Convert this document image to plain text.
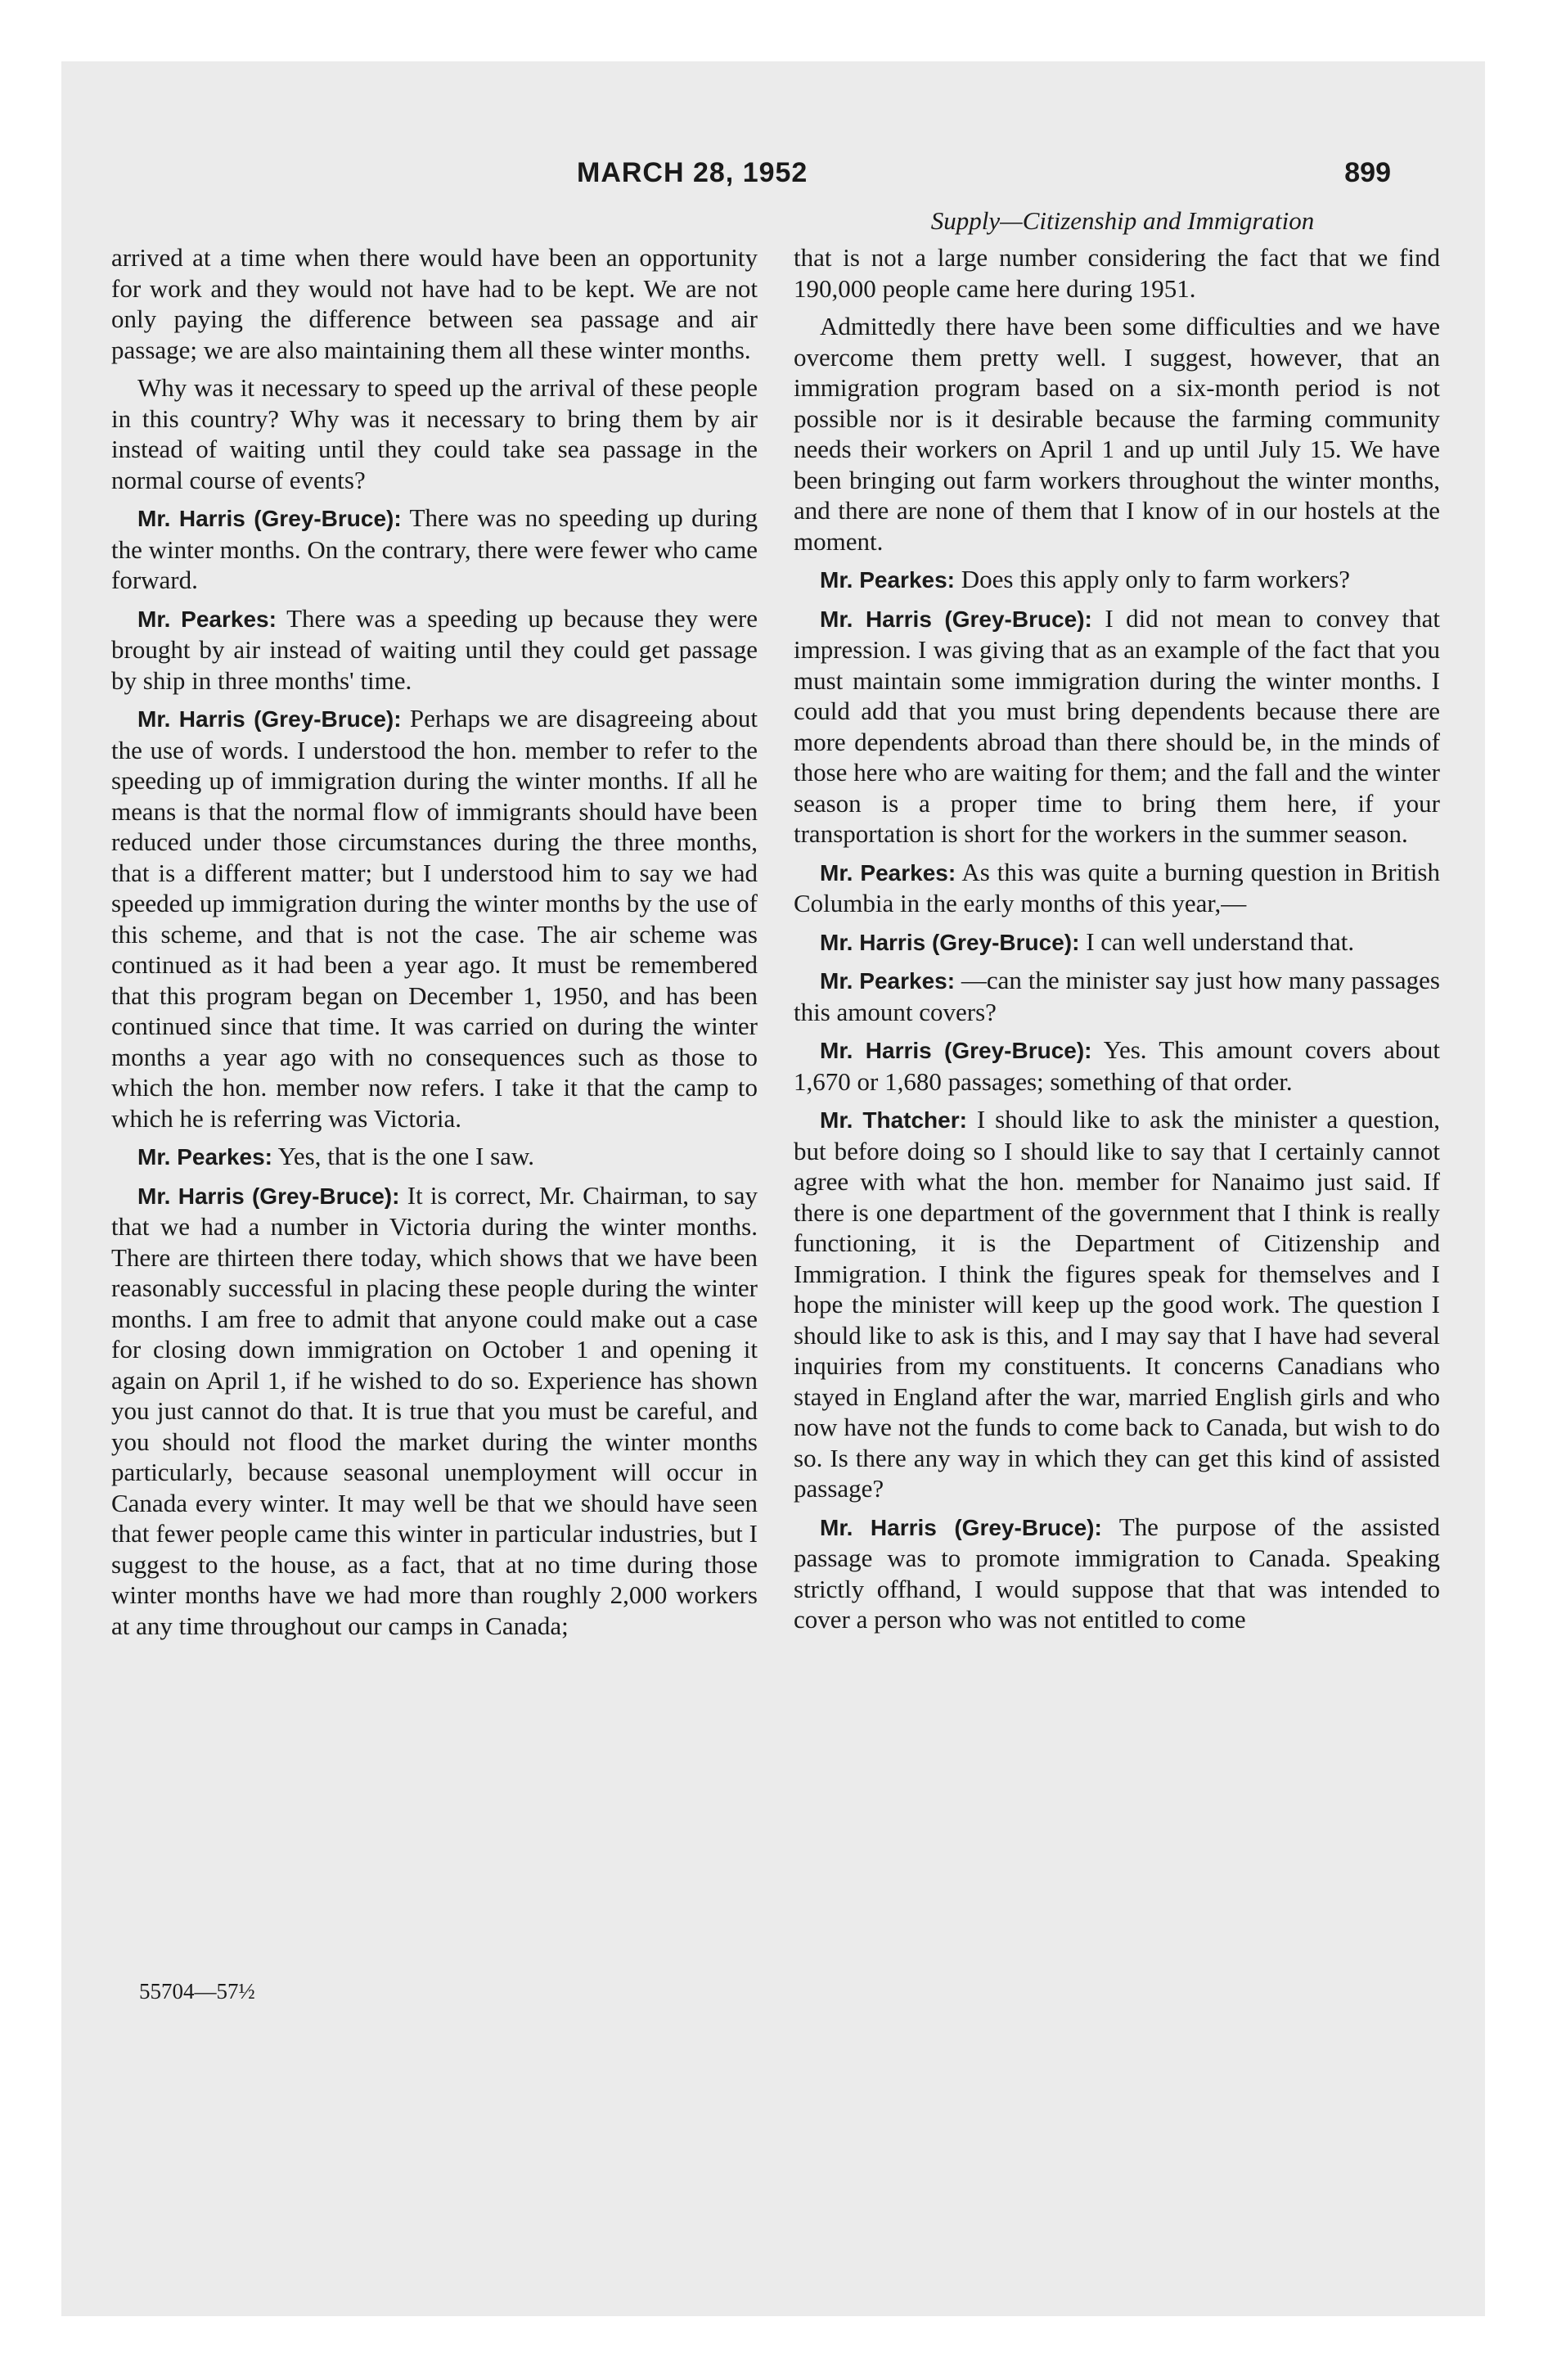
MARCH 28, 1952	899
Supply—Citizenship and Immigration

arrived at a time when there would have been an opportunity for work and they would not have had to be kept. We are not only paying the difference between sea passage and air passage; we are also maintaining them all these winter months.

Why was it necessary to speed up the arrival of these people in this country? Why was it necessary to bring them by air instead of waiting until they could take sea passage in the normal course of events?

Mr. Harris (Grey-Bruce): There was no speeding up during the winter months. On the contrary, there were fewer who came forward.

Mr. Pearkes: There was a speeding up because they were brought by air instead of waiting until they could get passage by ship in three months' time.

Mr. Harris (Grey-Bruce): Perhaps we are disagreeing about the use of words. I understood the hon. member to refer to the speeding up of immigration during the winter months. If all he means is that the normal flow of immigrants should have been reduced under those circumstances during the three months, that is a different matter; but I understood him to say we had speeded up immigration during the winter months by the use of this scheme, and that is not the case. The air scheme was continued as it had been a year ago. It must be remembered that this program began on December 1, 1950, and has been continued since that time. It was carried on during the winter months a year ago with no consequences such as those to which the hon. member now refers. I take it that the camp to which he is referring was Victoria.

Mr. Pearkes: Yes, that is the one I saw.

Mr. Harris (Grey-Bruce): It is correct, Mr. Chairman, to say that we had a number in Victoria during the winter months. There are thirteen there today, which shows that we have been reasonably successful in placing these people during the winter months. I am free to admit that anyone could make out a case for closing down immigration on October 1 and opening it again on April 1, if he wished to do so. Experience has shown you just cannot do that. It is true that you must be careful, and you should not flood the market during the winter months particularly, because seasonal unemployment will occur in Canada every winter. It may well be that we should have seen that fewer people came this winter in particular industries, but I suggest to the house, as a fact, that at no time during those winter months have we had more than roughly 2,000 workers at any time throughout our camps in Canada;

that is not a large number considering the fact that we find 190,000 people came here during 1951.

Admittedly there have been some difficulties and we have overcome them pretty well. I suggest, however, that an immigration program based on a six-month period is not possible nor is it desirable because the farming community needs their workers on April 1 and up until July 15. We have been bringing out farm workers throughout the winter months, and there are none of them that I know of in our hostels at the moment.

Mr. Pearkes: Does this apply only to farm workers?

Mr. Harris (Grey-Bruce): I did not mean to convey that impression. I was giving that as an example of the fact that you must maintain some immigration during the winter months. I could add that you must bring dependents because there are more dependents abroad than there should be, in the minds of those here who are waiting for them; and the fall and the winter season is a proper time to bring them here, if your transportation is short for the workers in the summer season.

Mr. Pearkes: As this was quite a burning question in British Columbia in the early months of this year,—

Mr. Harris (Grey-Bruce): I can well understand that.

Mr. Pearkes: —can the minister say just how many passages this amount covers?

Mr. Harris (Grey-Bruce): Yes. This amount covers about 1,670 or 1,680 passages; something of that order.

Mr. Thatcher: I should like to ask the minister a question, but before doing so I should like to say that I certainly cannot agree with what the hon. member for Nanaimo just said. If there is one department of the government that I think is really functioning, it is the Department of Citizenship and Immigration. I think the figures speak for themselves and I hope the minister will keep up the good work. The question I should like to ask is this, and I may say that I have had several inquiries from my constituents. It concerns Canadians who stayed in England after the war, married English girls and who now have not the funds to come back to Canada, but wish to do so. Is there any way in which they can get this kind of assisted passage?

Mr. Harris (Grey-Bruce): The purpose of the assisted passage was to promote immigration to Canada. Speaking strictly offhand, I would suppose that that was intended to cover a person who was not entitled to come

55704—57½
